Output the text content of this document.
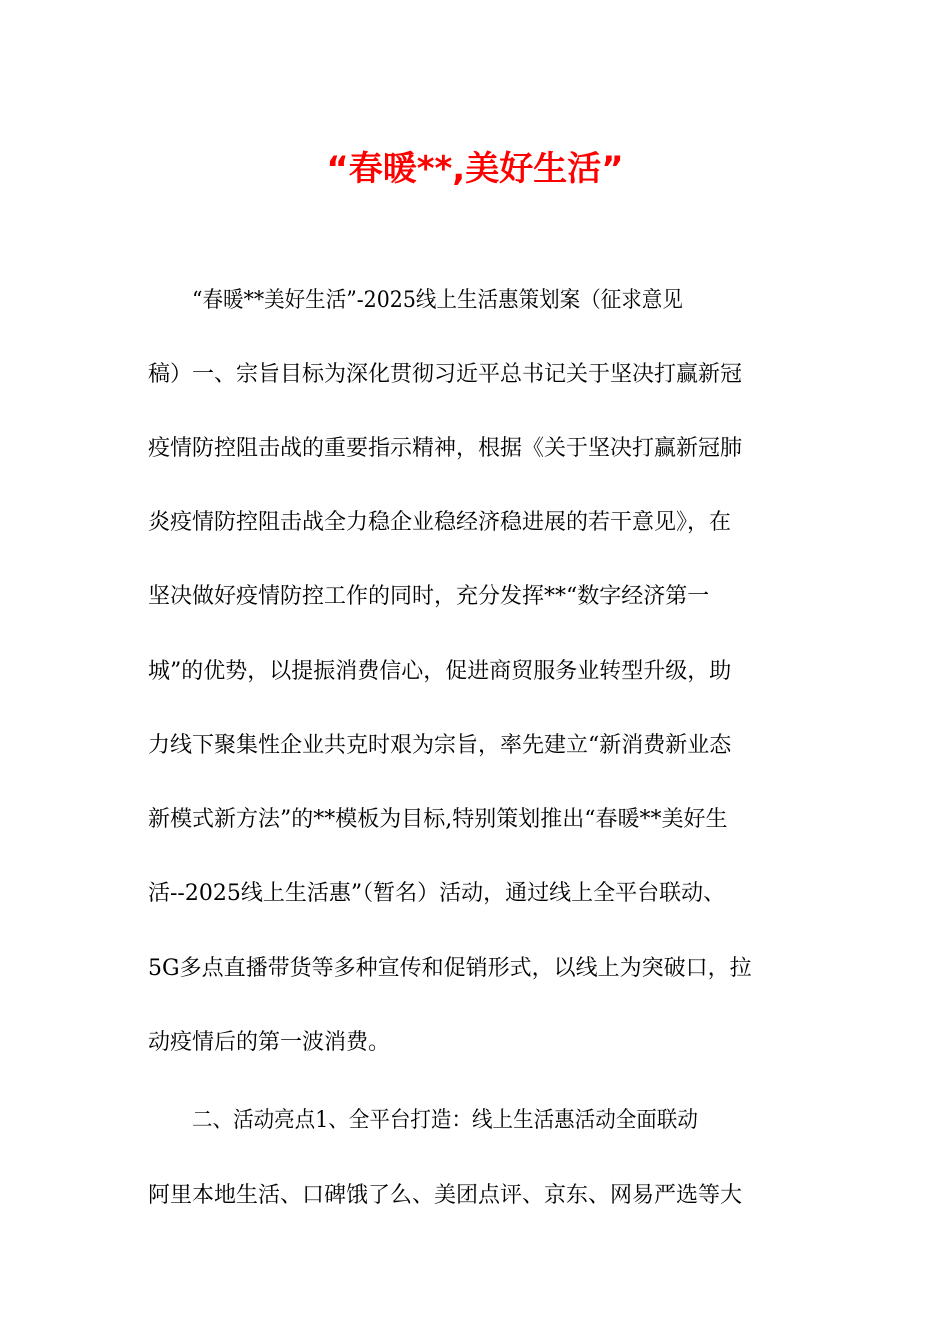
“春暖**,美好生活”
“春暖**美好生活”-2025线上生活惠策划案（征求意见
稿）一、宗旨目标为深化贯彻习近平总书记关于坚决打赢新冠
疫情防控阻击战的重要指示精神，根据《关于坚决打赢新冠肺
炎疫情防控阻击战全力稳企业稳经济稳进展的若干意见》，在
坚决做好疫情防控工作的同时，充分发挥**“数字经济第一
城”的优势，以提振消费信心，促进商贸服务业转型升级，助
力线下聚集性企业共克时艰为宗旨，率先建立“新消费新业态
新模式新方法”的**模板为目标,特别策划推出“春暖**美好生
活--2025线上生活惠”（暂名）活动，通过线上全平台联动、
5G多点直播带货等多种宣传和促销形式，以线上为突破口，拉
动疫情后的第一波消费。
二、活动亮点1、全平台打造：线上生活惠活动全面联动
阿里本地生活、口碑饿了么、美团点评、京东、网易严选等大
